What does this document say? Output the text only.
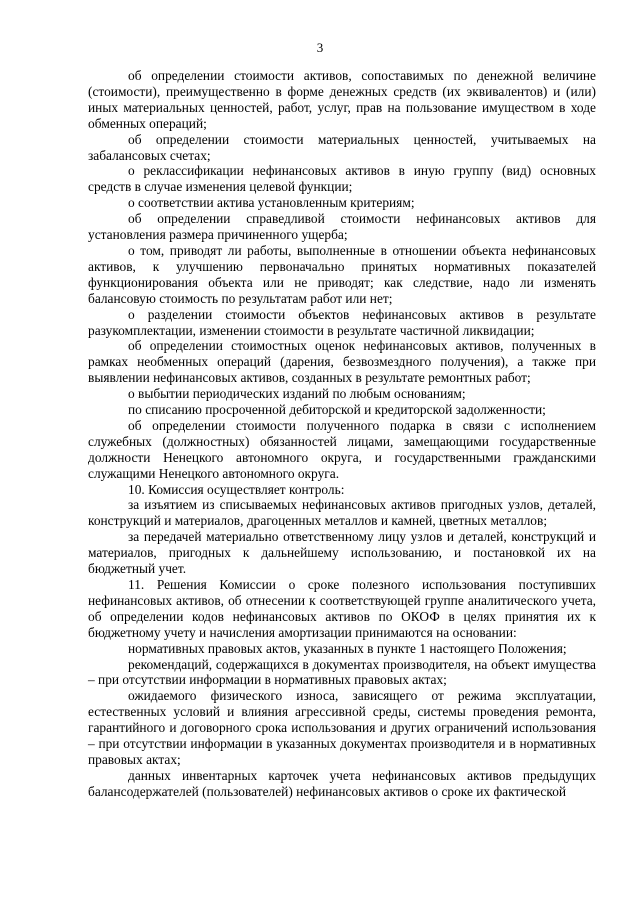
3

об определении стоимости активов, сопоставимых по денежной величине (стоимости), преимущественно в форме денежных средств (их эквивалентов) и (или) иных материальных ценностей, работ, услуг, прав на пользование имуществом в ходе обменных операций;

об определении стоимости материальных ценностей, учитываемых на забалансовых счетах;

о реклассификации нефинансовых активов в иную группу (вид) основных средств в случае изменения целевой функции;

о соответствии актива установленным критериям;

об определении справедливой стоимости нефинансовых активов для установления размера причиненного ущерба;

о том, приводят ли работы, выполненные в отношении объекта нефинансовых активов, к улучшению первоначально принятых нормативных показателей функционирования объекта или не приводят; как следствие, надо ли изменять балансовую стоимость по результатам работ или нет;

о разделении стоимости объектов нефинансовых активов в результате разукомплектации, изменении стоимости в результате частичной ликвидации;

об определении стоимостных оценок нефинансовых активов, полученных в рамках необменных операций (дарения, безвозмездного получения), а также при выявлении нефинансовых активов, созданных в результате ремонтных работ;

о выбытии периодических изданий по любым основаниям;

по списанию просроченной дебиторской и кредиторской задолженности;

об определении стоимости полученного подарка в связи с исполнением служебных (должностных) обязанностей лицами, замещающими государственные должности Ненецкого автономного округа, и государственными гражданскими служащими Ненецкого автономного округа.

10. Комиссия осуществляет контроль:

за изъятием из списываемых нефинансовых активов пригодных узлов, деталей, конструкций и материалов, драгоценных металлов и камней, цветных металлов;

за передачей материально ответственному лицу узлов и деталей, конструкций и материалов, пригодных к дальнейшему использованию, и постановкой их на бюджетный учет.

11. Решения Комиссии о сроке полезного использования поступивших нефинансовых активов, об отнесении к соответствующей группе аналитического учета, об определении кодов нефинансовых активов по ОКОФ в целях принятия их к бюджетному учету и начисления амортизации принимаются на основании:

нормативных правовых актов, указанных в пункте 1 настоящего Положения;

рекомендаций, содержащихся в документах производителя, на объект имущества – при отсутствии информации в нормативных правовых актах;

ожидаемого физического износа, зависящего от режима эксплуатации, естественных условий и влияния агрессивной среды, системы проведения ремонта, гарантийного и договорного срока использования и других ограничений использования – при отсутствии информации в указанных документах производителя и в нормативных правовых актах;

данных инвентарных карточек учета нефинансовых активов предыдущих балансодержателей (пользователей) нефинансовых активов о сроке их фактической
